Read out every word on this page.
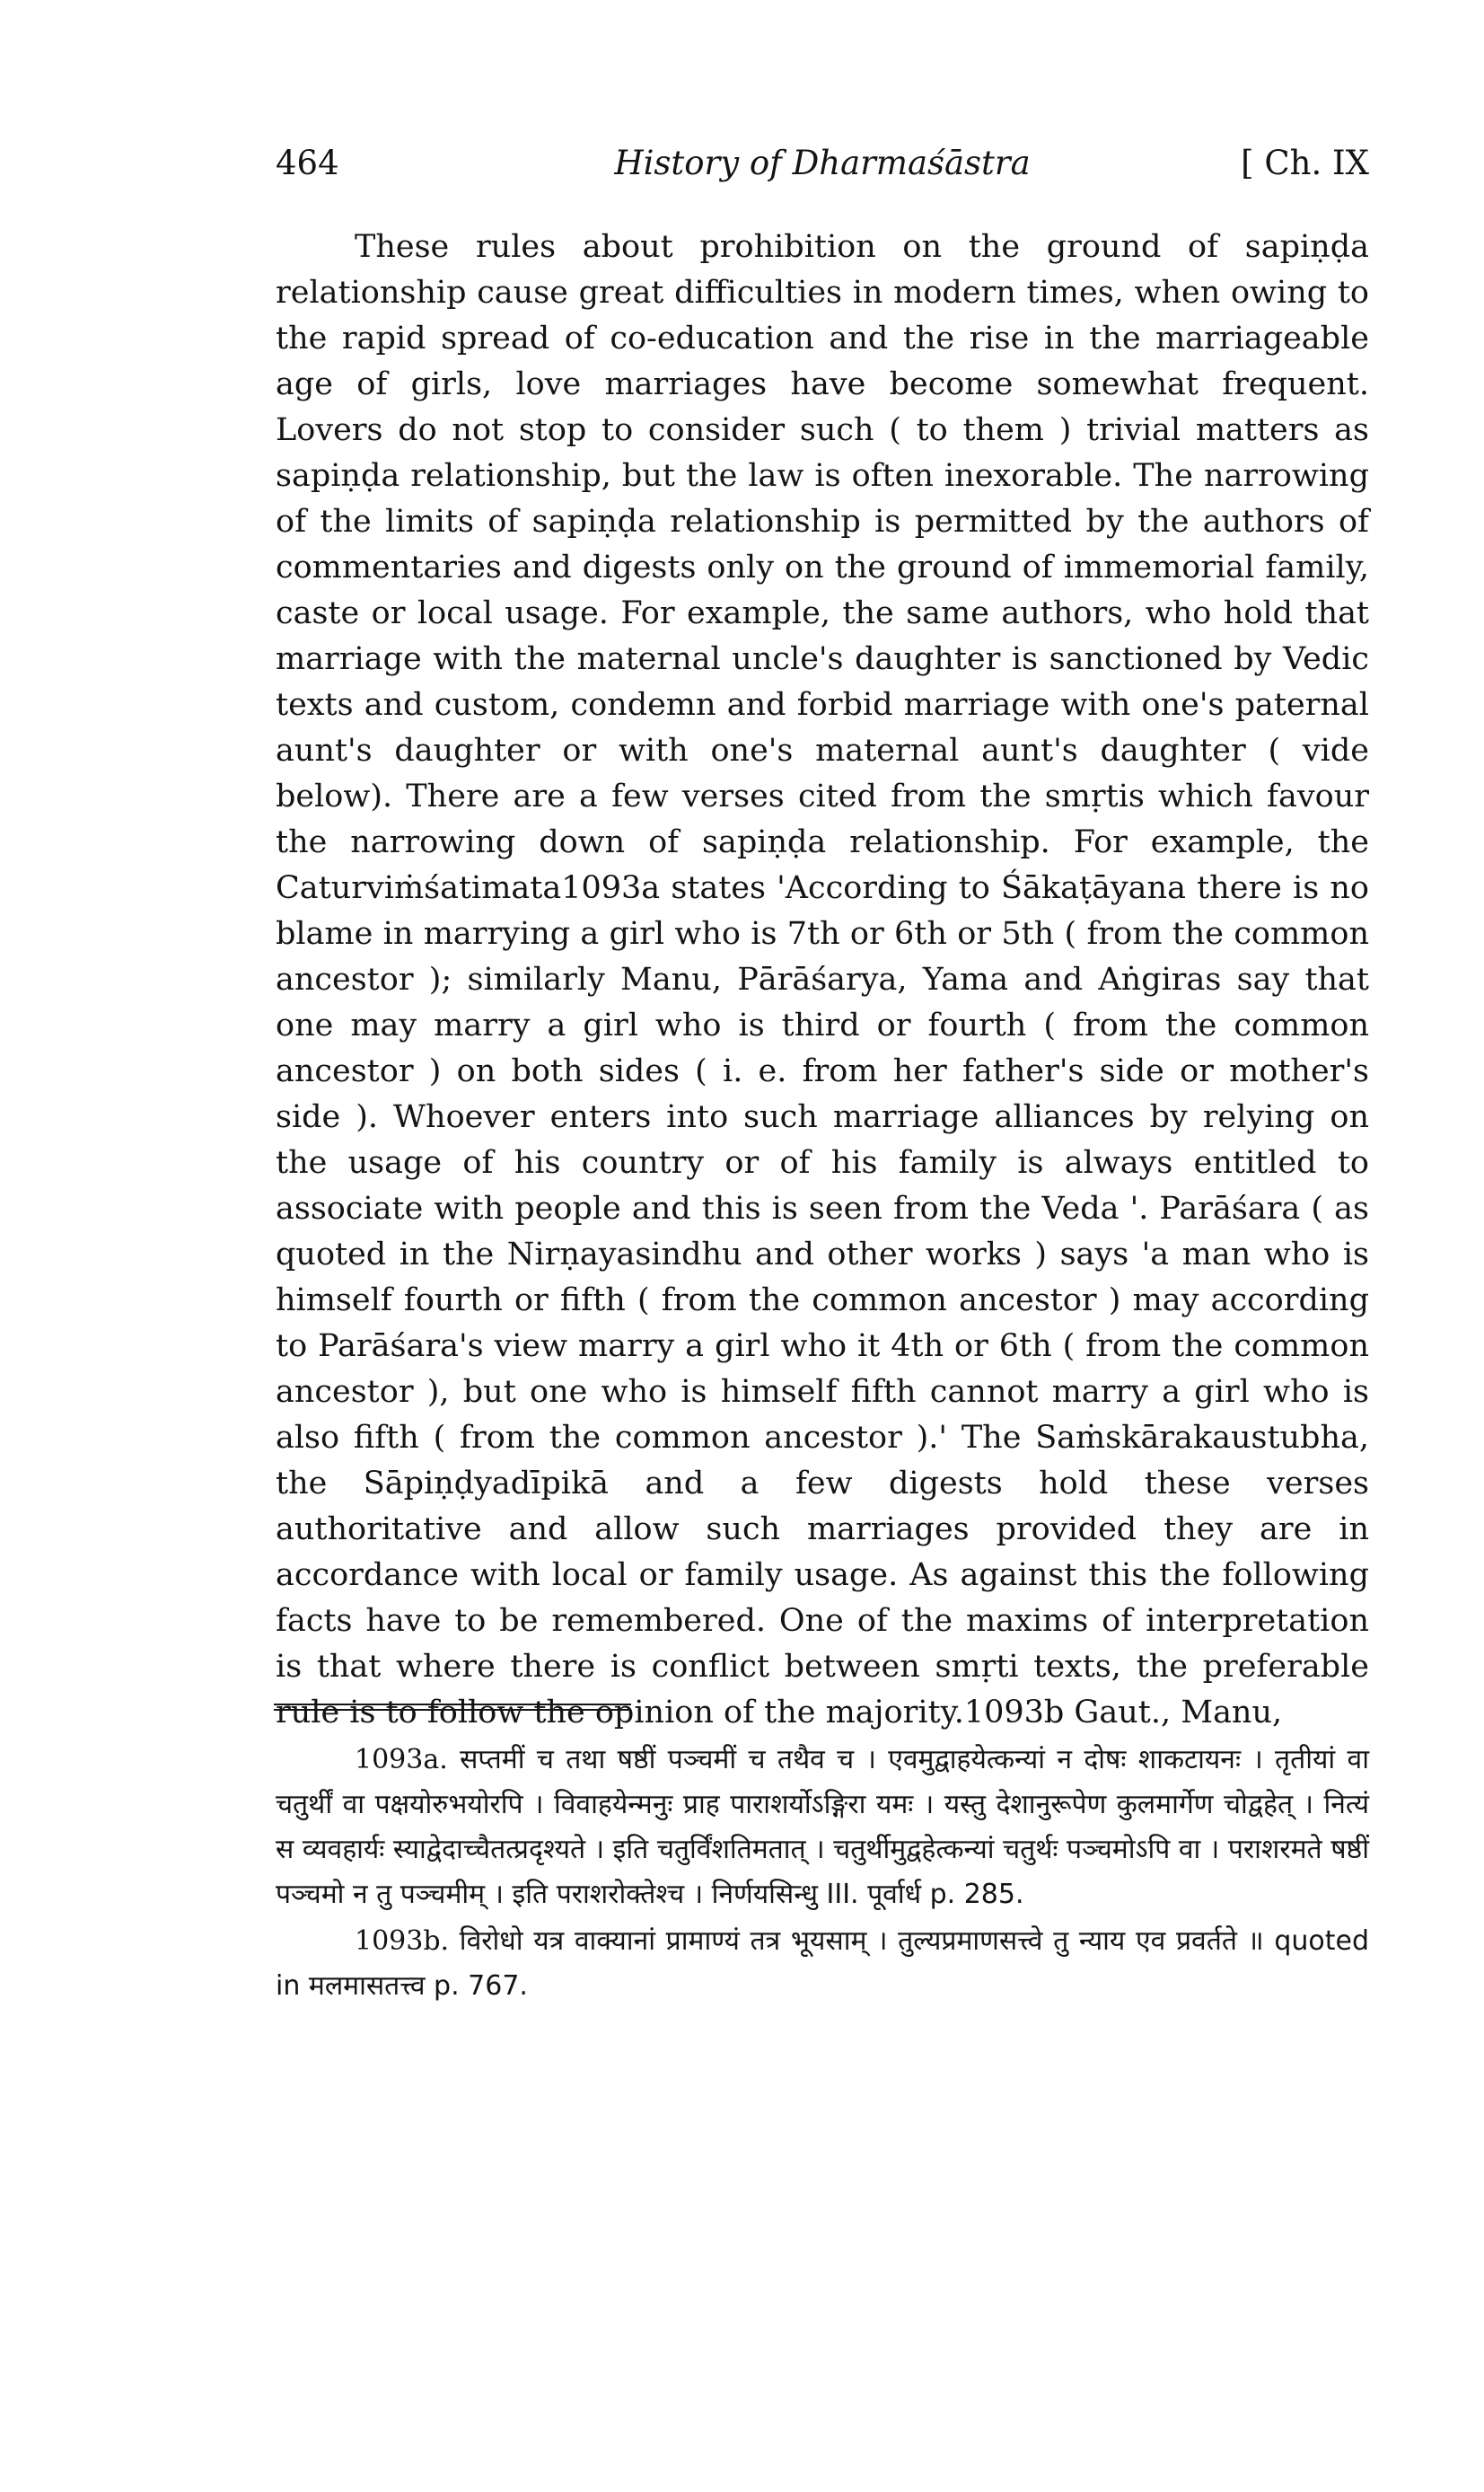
464	History of Dharmaśāstra	[ Ch. IX

These rules about prohibition on the ground of sapiṇḍa relationship cause great difficulties in modern times, when owing to the rapid spread of co-education and the rise in the marriageable age of girls, love marriages have become somewhat frequent. Lovers do not stop to consider such ( to them ) trivial matters as sapiṇḍa relationship, but the law is often inexorable. The narrowing of the limits of sapiṇḍa relationship is permitted by the authors of commentaries and digests only on the ground of immemorial family, caste or local usage. For example, the same authors, who hold that marriage with the maternal uncle's daughter is sanctioned by Vedic texts and custom, condemn and forbid marriage with one's paternal aunt's daughter or with one's maternal aunt's daughter ( vide below). There are a few verses cited from the smṛtis which favour the narrowing down of sapiṇḍa relationship. For example, the Caturviṁśatimata1093a states 'According to Śākaṭāyana there is no blame in marrying a girl who is 7th or 6th or 5th ( from the common ancestor ); similarly Manu, Pārāśarya, Yama and Aṅgiras say that one may marry a girl who is third or fourth ( from the common ancestor ) on both sides ( i. e. from her father's side or mother's side ). Whoever enters into such marriage alliances by relying on the usage of his country or of his family is always entitled to associate with people and this is seen from the Veda '. Parāśara ( as quoted in the Nirṇayasindhu and other works ) says 'a man who is himself fourth or fifth ( from the common ancestor ) may according to Parāśara's view marry a girl who it 4th or 6th ( from the common ancestor ), but one who is himself fifth cannot marry a girl who is also fifth ( from the common ancestor ).' The Saṁskārakaustubha, the Sāpiṇḍyadīpikā and a few digests hold these verses authoritative and allow such marriages provided they are in accordance with local or family usage. As against this the following facts have to be remembered. One of the maxims of interpretation is that where there is conflict between smṛti texts, the preferable rule is to follow the opinion of the majority.1093b Gaut., Manu,

1093a. सप्तमीं च तथा षष्ठीं पञ्चमीं च तथैव च । एवमुद्वाहयेत्कन्यां न दोषः शाकटायनः । तृतीयां वा चतुर्थीं वा पक्षयोरुभयोरपि । विवाहयेन्मनुः प्राह पाराशर्योऽङ्गिरा यमः । यस्तु देशानुरूपेण कुलमार्गेण चोद्वहेत् । नित्यं स व्यवहार्यः स्याद्वेदाच्चैतत्प्रदृश्यते । इति चतुर्विंशतिमतात् । चतुर्थीमुद्वहेत्कन्यां चतुर्थः पञ्चमोऽपि वा । पराशरमते षष्ठीं पञ्चमो न तु पञ्चमीम् । इति पराशरोक्तेश्च । निर्णयसिन्धु III. पूर्वार्ध p. 285.

1093b. विरोधो यत्र वाक्यानां प्रामाण्यं तत्र भूयसाम् । तुल्यप्रमाणसत्त्वे तु न्याय एव प्रवर्तते ॥ quoted in मलमासतत्त्व p. 767.
